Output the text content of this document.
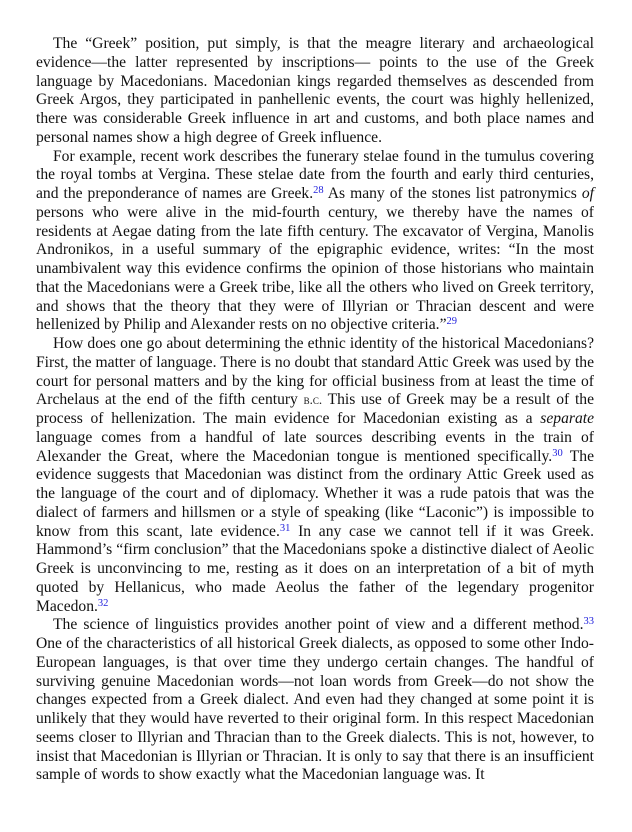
The “Greek” position, put simply, is that the meagre literary and archaeological evidence—the latter represented by inscriptions— points to the use of the Greek language by Macedonians. Macedonian kings regarded themselves as descended from Greek Argos, they participated in panhellenic events, the court was highly hellenized, there was considerable Greek influence in art and customs, and both place names and personal names show a high degree of Greek influence.

For example, recent work describes the funerary stelae found in the tumulus covering the royal tombs at Vergina. These stelae date from the fourth and early third centuries, and the preponderance of names are Greek.$^{28}$ As many of the stones list patronymics of persons who were alive in the mid-fourth century, we thereby have the names of residents at Aegae dating from the late fifth century. The excavator of Vergina, Manolis Andronikos, in a useful summary of the epigraphic evidence, writes: “In the most unambivalent way this evidence confirms the opinion of those historians who maintain that the Macedonians were a Greek tribe, like all the others who lived on Greek territory, and shows that the theory that they were of Illyrian or Thracian descent and were hellenized by Philip and Alexander rests on no objective criteria.”$^{29}$

How does one go about determining the ethnic identity of the historical Macedonians? First, the matter of language. There is no doubt that standard Attic Greek was used by the court for personal matters and by the king for official business from at least the time of Archelaus at the end of the fifth century b.c. This use of Greek may be a result of the process of hellenization. The main evidence for Macedonian existing as a separate language comes from a handful of late sources describing events in the train of Alexander the Great, where the Macedonian tongue is mentioned specifically.$^{30}$ The evidence suggests that Macedonian was distinct from the ordinary Attic Greek used as the language of the court and of diplomacy. Whether it was a rude patois that was the dialect of farmers and hillsmen or a style of speaking (like “Laconic”) is impossible to know from this scant, late evidence.$^{31}$ In any case we cannot tell if it was Greek. Hammond’s “firm conclusion” that the Macedonians spoke a distinctive dialect of Aeolic Greek is unconvincing to me, resting as it does on an interpretation of a bit of myth quoted by Hellanicus, who made Aeolus the father of the legendary progenitor Macedon.$^{32}$

The science of linguistics provides another point of view and a different method.$^{33}$ One of the characteristics of all historical Greek dialects, as opposed to some other Indo-European languages, is that over time they undergo certain changes. The handful of surviving genuine Macedonian words—not loan words from Greek—do not show the changes expected from a Greek dialect. And even had they changed at some point it is unlikely that they would have reverted to their original form. In this respect Macedonian seems closer to Illyrian and Thracian than to the Greek dialects. This is not, however, to insist that Macedonian is Illyrian or Thracian. It is only to say that there is an insufficient sample of words to show exactly what the Macedonian language was. It
